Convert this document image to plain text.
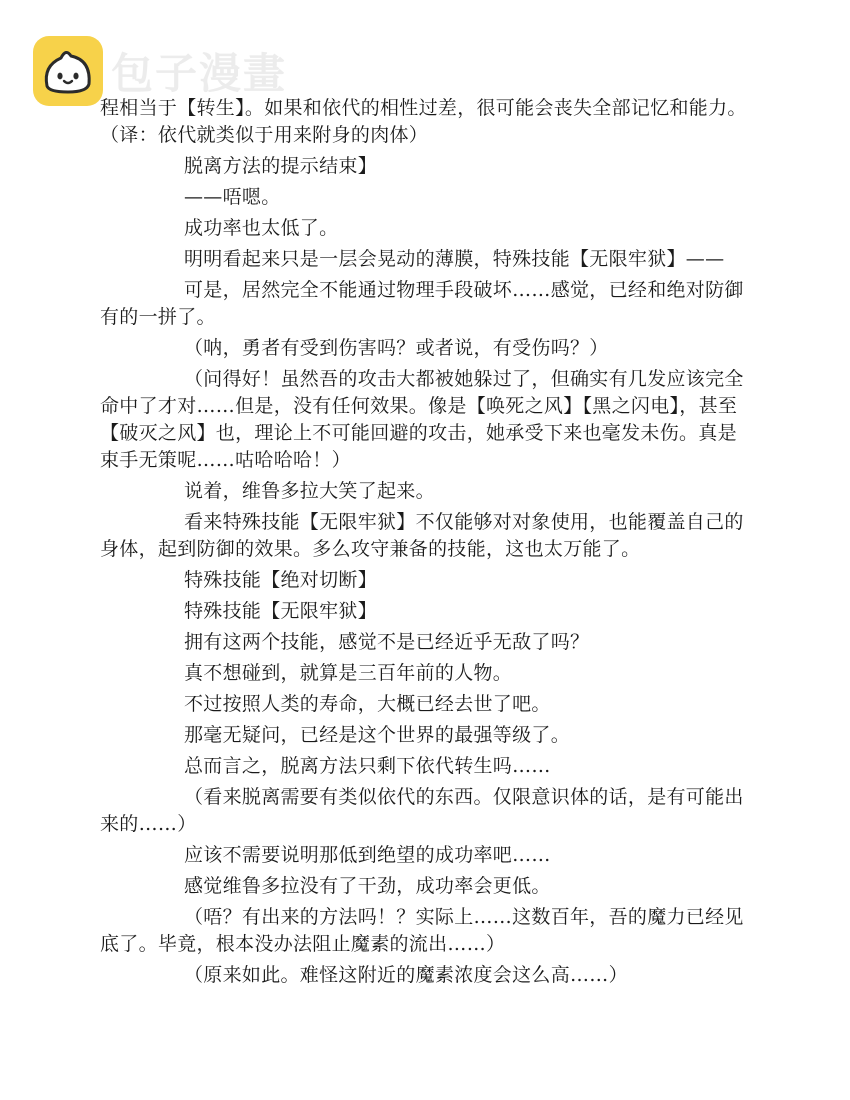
包子漫畫

程相当于【转生】。如果和依代的相性过差，很可能会丧失全部记忆和能力。（译：依代就类似于用来附身的肉体）

脱离方法的提示结束】

——唔嗯。

成功率也太低了。

明明看起来只是一层会晃动的薄膜，特殊技能【无限牢狱】——

可是，居然完全不能通过物理手段破坏……感觉，已经和绝对防御有的一拼了。

（呐，勇者有受到伤害吗？或者说，有受伤吗？）

（问得好！虽然吾的攻击大都被她躲过了，但确实有几发应该完全命中了才对……但是，没有任何效果。像是【唤死之风】【黑之闪电】，甚至【破灭之风】也，理论上不可能回避的攻击，她承受下来也毫发未伤。真是束手无策呢……咕哈哈哈！）

说着，维鲁多拉大笑了起来。

看来特殊技能【无限牢狱】不仅能够对对象使用，也能覆盖自己的身体，起到防御的效果。多么攻守兼备的技能，这也太万能了。

特殊技能【绝对切断】

特殊技能【无限牢狱】

拥有这两个技能，感觉不是已经近乎无敌了吗？

真不想碰到，就算是三百年前的人物。

不过按照人类的寿命，大概已经去世了吧。

那毫无疑问，已经是这个世界的最强等级了。

总而言之，脱离方法只剩下依代转生吗……

（看来脱离需要有类似依代的东西。仅限意识体的话，是有可能出来的……）

应该不需要说明那低到绝望的成功率吧……

感觉维鲁多拉没有了干劲，成功率会更低。

（唔？有出来的方法吗！？实际上……这数百年，吾的魔力已经见底了。毕竟，根本没办法阻止魔素的流出……）

（原来如此。难怪这附近的魔素浓度会这么高……）
